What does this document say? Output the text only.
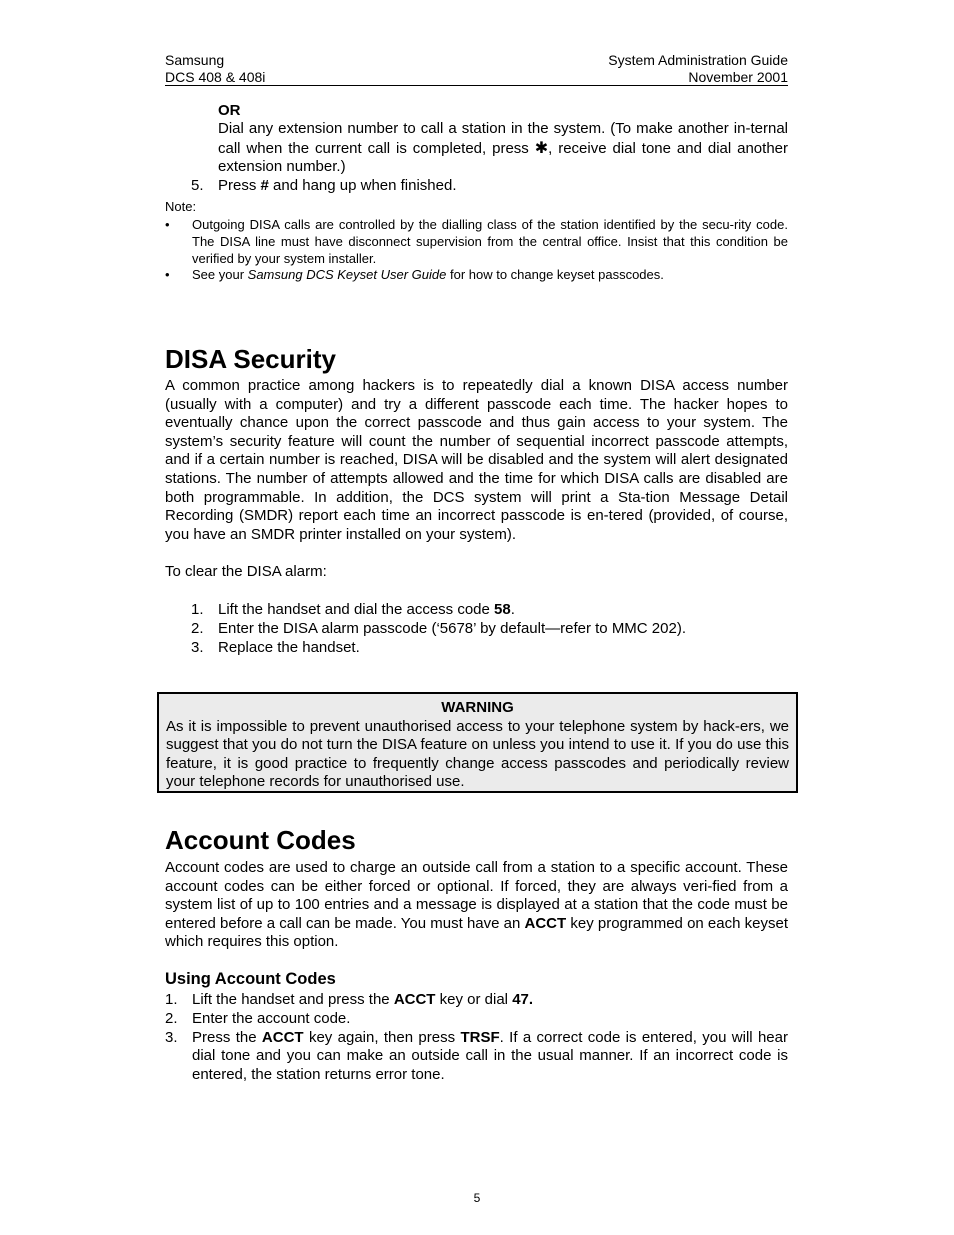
Samsung
DCS 408 & 408i
System Administration Guide
November 2001
OR

Dial any extension number to call a station in the system. (To make another in-ternal call when the current call is completed, press ✱, receive dial tone and dial another extension number.)

5. Press # and hang up when finished.
Note:
• Outgoing DISA calls are controlled by the dialling class of the station identified by the secu-rity code. The DISA line must have disconnect supervision from the central office. Insist that this condition be verified by your system installer.
• See your Samsung DCS Keyset User Guide for how to change keyset passcodes.
DISA Security

A common practice among hackers is to repeatedly dial a known DISA access number (usually with a computer) and try a different passcode each time. The hacker hopes to eventually chance upon the correct passcode and thus gain access to your system. The system’s security feature will count the number of sequential incorrect passcode attempts, and if a certain number is reached, DISA will be disabled and the system will alert designated stations. The number of attempts allowed and the time for which DISA calls are disabled are both programmable. In addition, the DCS system will print a Sta-tion Message Detail Recording (SMDR) report each time an incorrect passcode is en-tered (provided, of course, you have an SMDR printer installed on your system).

To clear the DISA alarm:

1. Lift the handset and dial the access code 58.
2. Enter the DISA alarm passcode (‘5678’ by default—refer to MMC 202).
3. Replace the handset.
WARNING
As it is impossible to prevent unauthorised access to your telephone system by hack-ers, we suggest that you do not turn the DISA feature on unless you intend to use it. If you do use this feature, it is good practice to frequently change access passcodes and periodically review your telephone records for unauthorised use.
Account Codes

Account codes are used to charge an outside call from a station to a specific account. These account codes can be either forced or optional. If forced, they are always veri-fied from a system list of up to 100 entries and a message is displayed at a station that the code must be entered before a call can be made. You must have an ACCT key programmed on each keyset which requires this option.

Using Account Codes
1. Lift the handset and press the ACCT key or dial 47.
2. Enter the account code.
3. Press the ACCT key again, then press TRSF. If a correct code is entered, you will hear dial tone and you can make an outside call in the usual manner. If an incorrect code is entered, the station returns error tone.
5
